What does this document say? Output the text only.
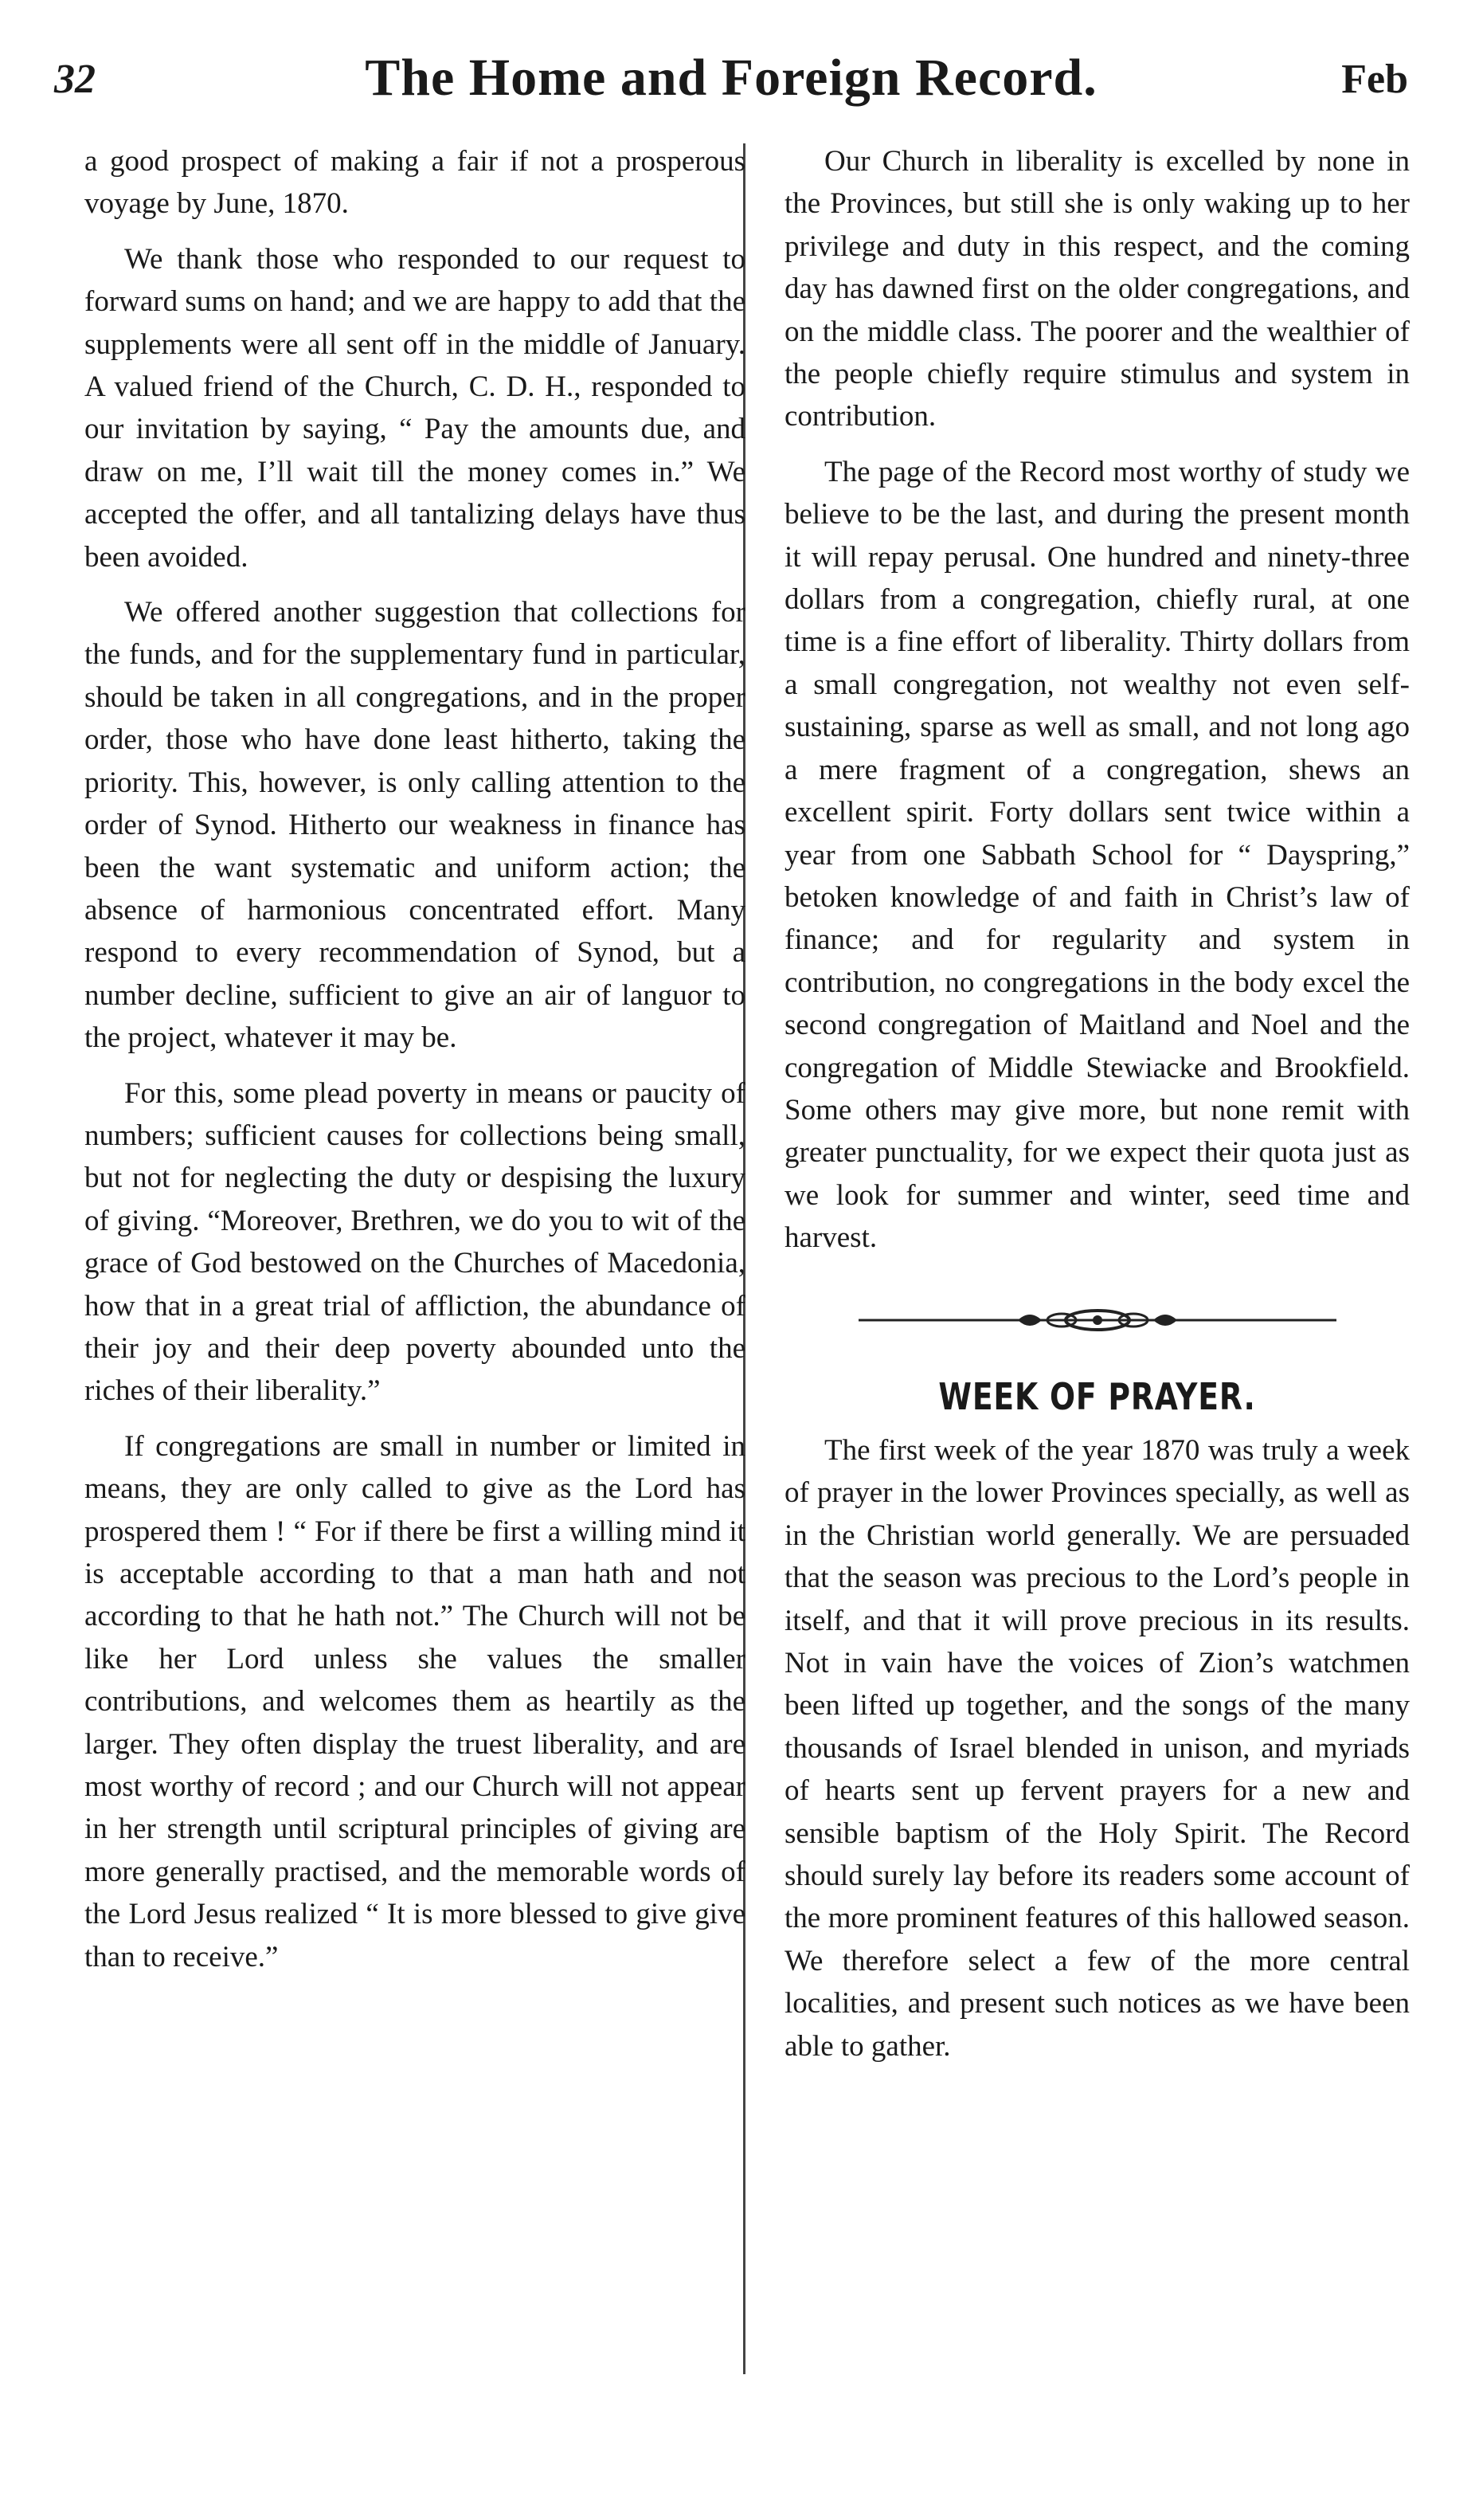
32	The Home and Foreign Record.	Feb

a good prospect of making a fair if not a prosperous voyage by June, 1870.

We thank those who responded to our request to forward sums on hand; and we are happy to add that the supplements were all sent off in the middle of January. A valued friend of the Church, C. D. H., responded to our invitation by saying, “ Pay the amounts due, and draw on me, I’ll wait till the money comes in.” We accepted the offer, and all tantalizing delays have thus been avoided.

We offered another suggestion that collections for the funds, and for the supplementary fund in particular, should be taken in all congregations, and in the proper order, those who have done least hitherto, taking the priority. This, however, is only calling attention to the order of Synod. Hitherto our weakness in finance has been the want systematic and uniform action; the absence of harmonious concentrated effort. Many respond to every recommendation of Synod, but a number decline, sufficient to give an air of languor to the project, whatever it may be.

For this, some plead poverty in means or paucity of numbers; sufficient causes for collections being small, but not for neglecting the duty or despising the luxury of giving. “Moreover, Brethren, we do you to wit of the grace of God bestowed on the Churches of Macedonia, how that in a great trial of affliction, the abundance of their joy and their deep poverty abounded unto the riches of their liberality.”

If congregations are small in number or limited in means, they are only called to give as the Lord has prospered them ! “ For if there be first a willing mind it is acceptable according to that a man hath and not according to that he hath not.” The Church will not be like her Lord unless she values the smaller contributions, and welcomes them as heartily as the larger. They often display the truest liberality, and are most worthy of record ; and our Church will not appear in her strength until scriptural principles of giving are more generally practised, and the memorable words of the Lord Jesus realized “ It is more blessed to give give than to receive.”

Our Church in liberality is excelled by none in the Provinces, but still she is only waking up to her privilege and duty in this respect, and the coming day has dawned first on the older congregations, and on the middle class. The poorer and the wealthier of the people chiefly require stimulus and system in contribution.

The page of the Record most worthy of study we believe to be the last, and during the present month it will repay perusal. One hundred and ninety-three dollars from a congregation, chiefly rural, at one time is a fine effort of liberality. Thirty dollars from a small congregation, not wealthy not even self-sustaining, sparse as well as small, and not long ago a mere fragment of a congregation, shews an excellent spirit. Forty dollars sent twice within a year from one Sabbath School for “ Dayspring,” betoken knowledge of and faith in Christ’s law of finance; and for regularity and system in contribution, no congregations in the body excel the second congregation of Maitland and Noel and the congregation of Middle Stewiacke and Brookfield. Some others may give more, but none remit with greater punctuality, for we expect their quota just as we look for summer and winter, seed time and harvest.

WEEK OF PRAYER.

The first week of the year 1870 was truly a week of prayer in the lower Provinces specially, as well as in the Christian world generally. We are persuaded that the season was precious to the Lord’s people in itself, and that it will prove precious in its results. Not in vain have the voices of Zion’s watchmen been lifted up together, and the songs of the many thousands of Israel blended in unison, and myriads of hearts sent up fervent prayers for a new and sensible baptism of the Holy Spirit. The Record should surely lay before its readers some account of the more prominent features of this hallowed season. We therefore select a few of the more central localities, and present such notices as we have been able to gather.
